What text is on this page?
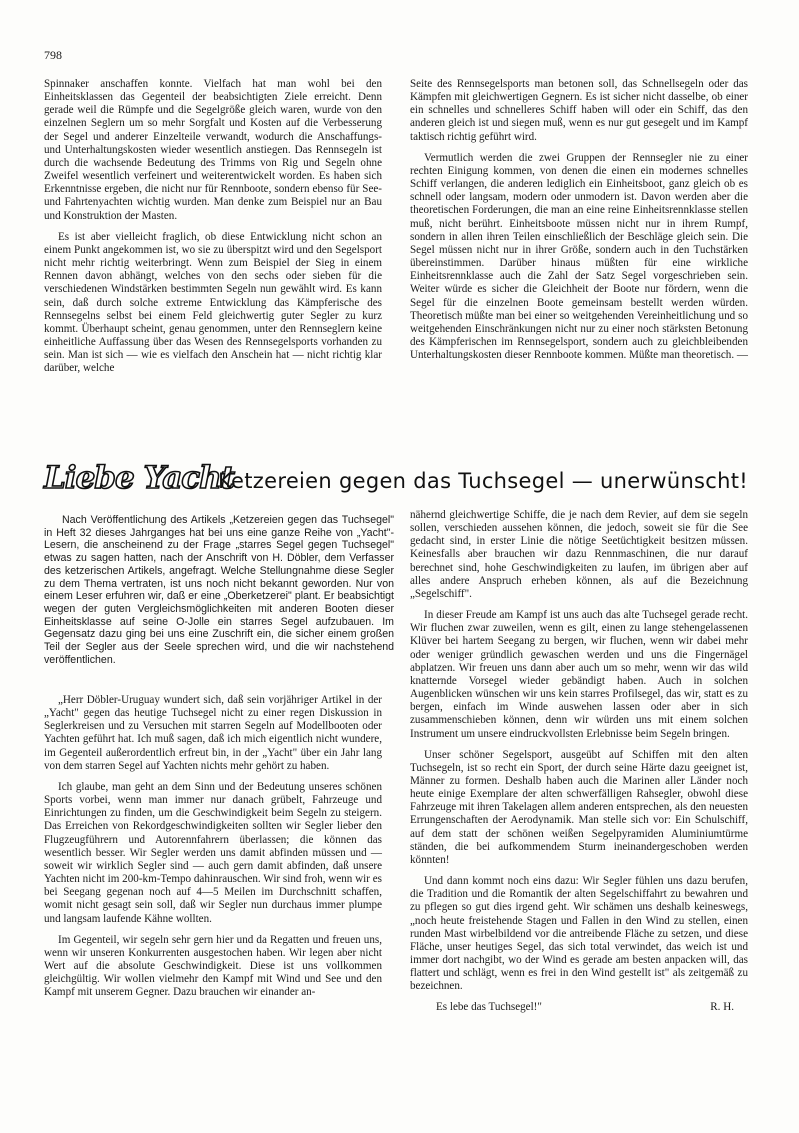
798

Spinnaker anschaffen konnte. Vielfach hat man wohl bei den Einheitsklassen das Gegenteil der beabsichtigten Ziele erreicht. Denn gerade weil die Rümpfe und die Segelgröße gleich waren, wurde von den einzelnen Seglern um so mehr Sorgfalt und Kosten auf die Verbesserung der Segel und anderer Einzelteile verwandt, wodurch die Anschaffungs- und Unterhaltungskosten wieder wesentlich anstiegen. Das Rennsegeln ist durch die wachsende Bedeutung des Trimms von Rig und Segeln ohne Zweifel wesentlich verfeinert und weiterentwickelt worden. Es haben sich Erkenntnisse ergeben, die nicht nur für Rennboote, sondern ebenso für See- und Fahrtenyachten wichtig wurden. Man denke zum Beispiel nur an Bau und Konstruktion der Masten.

Es ist aber vielleicht fraglich, ob diese Entwicklung nicht schon an einem Punkt angekommen ist, wo sie zu überspitzt wird und den Segelsport nicht mehr richtig weiterbringt. Wenn zum Beispiel der Sieg in einem Rennen davon abhängt, welches von den sechs oder sieben für die verschiedenen Windstärken bestimmten Segeln nun gewählt wird. Es kann sein, daß durch solche extreme Entwicklung das Kämpferische des Rennsegelns selbst bei einem Feld gleichwertig guter Segler zu kurz kommt. Überhaupt scheint, genau genommen, unter den Rennseglern keine einheitliche Auffassung über das Wesen des Rennsegelsports vorhanden zu sein. Man ist sich — wie es vielfach den Anschein hat — nicht richtig klar darüber, welche

Seite des Rennsegelsports man betonen soll, das Schnellsegeln oder das Kämpfen mit gleichwertigen Gegnern. Es ist sicher nicht dasselbe, ob einer ein schnelles und schnelleres Schiff haben will oder ein Schiff, das den anderen gleich ist und siegen muß, wenn es nur gut gesegelt und im Kampf taktisch richtig geführt wird.

Vermutlich werden die zwei Gruppen der Rennsegler nie zu einer rechten Einigung kommen, von denen die einen ein modernes schnelles Schiff verlangen, die anderen lediglich ein Einheitsboot, ganz gleich ob es schnell oder langsam, modern oder unmodern ist. Davon werden aber die theoretischen Forderungen, die man an eine reine Einheitsrennklasse stellen muß, nicht berührt. Einheitsboote müssen nicht nur in ihrem Rumpf, sondern in allen ihren Teilen einschließlich der Beschläge gleich sein. Die Segel müssen nicht nur in ihrer Größe, sondern auch in den Tuchstärken übereinstimmen. Darüber hinaus müßten für eine wirkliche Einheitsrennklasse auch die Zahl der Satz Segel vorgeschrieben sein. Weiter würde es sicher die Gleichheit der Boote nur fördern, wenn die Segel für die einzelnen Boote gemeinsam bestellt werden würden. Theoretisch müßte man bei einer so weitgehenden Vereinheitlichung und so weitgehenden Einschränkungen nicht nur zu einer noch stärksten Betonung des Kämpferischen im Rennsegelsport, sondern auch zu gleichbleibenden Unterhaltungskosten dieser Rennboote kommen. Müßte man theoretisch. —

Liebe Yacht
Ketzereien gegen das Tuchsegel — unerwünscht!

Nach Veröffentlichung des Artikels „Ketzereien gegen das Tuchsegel" in Heft 32 dieses Jahrganges hat bei uns eine ganze Reihe von „Yacht"-Lesern, die anscheinend zu der Frage „starres Segel gegen Tuchsegel" etwas zu sagen hatten, nach der Anschrift von H. Döbler, dem Verfasser des ketzerischen Artikels, angefragt. Welche Stellungnahme diese Segler zu dem Thema vertraten, ist uns noch nicht bekannt geworden. Nur von einem Leser erfuhren wir, daß er eine „Oberketzerei" plant. Er beabsichtigt wegen der guten Vergleichsmöglichkeiten mit anderen Booten dieser Einheitsklasse auf seine O-Jolle ein starres Segel aufzubauen. Im Gegensatz dazu ging bei uns eine Zuschrift ein, die sicher einem großen Teil der Segler aus der Seele sprechen wird, und die wir nachstehend veröffentlichen.

„Herr Döbler-Uruguay wundert sich, daß sein vorjähriger Artikel in der „Yacht" gegen das heutige Tuchsegel nicht zu einer regen Diskussion in Seglerkreisen und zu Versuchen mit starren Segeln auf Modellbooten oder Yachten geführt hat. Ich muß sagen, daß ich mich eigentlich nicht wundere, im Gegenteil außerordentlich erfreut bin, in der „Yacht" über ein Jahr lang von dem starren Segel auf Yachten nichts mehr gehört zu haben.

Ich glaube, man geht an dem Sinn und der Bedeutung unseres schönen Sports vorbei, wenn man immer nur danach grübelt, Fahrzeuge und Einrichtungen zu finden, um die Geschwindigkeit beim Segeln zu steigern. Das Erreichen von Rekordgeschwindigkeiten sollten wir Segler lieber den Flugzeugführern und Autorennfahrern überlassen; die können das wesentlich besser. Wir Segler werden uns damit abfinden müssen und — soweit wir wirklich Segler sind — auch gern damit abfinden, daß unsere Yachten nicht im 200-km-Tempo dahinrauschen. Wir sind froh, wenn wir es bei Seegang gegenan noch auf 4—5 Meilen im Durchschnitt schaffen, womit nicht gesagt sein soll, daß wir Segler nun durchaus immer plumpe und langsam laufende Kähne wollten.

Im Gegenteil, wir segeln sehr gern hier und da Regatten und freuen uns, wenn wir unseren Konkurrenten ausgestochen haben. Wir legen aber nicht Wert auf die absolute Geschwindigkeit. Diese ist uns vollkommen gleichgültig. Wir wollen vielmehr den Kampf mit Wind und See und den Kampf mit unserem Gegner. Dazu brauchen wir einander an-

nähernd gleichwertige Schiffe, die je nach dem Revier, auf dem sie segeln sollen, verschieden aussehen können, die jedoch, soweit sie für die See gedacht sind, in erster Linie die nötige Seetüchtigkeit besitzen müssen. Keinesfalls aber brauchen wir dazu Rennmaschinen, die nur darauf berechnet sind, hohe Geschwindigkeiten zu laufen, im übrigen aber auf alles andere Anspruch erheben können, als auf die Bezeichnung „Segelschiff".

In dieser Freude am Kampf ist uns auch das alte Tuchsegel gerade recht. Wir fluchen zwar zuweilen, wenn es gilt, einen zu lange stehengelassenen Klüver bei hartem Seegang zu bergen, wir fluchen, wenn wir dabei mehr oder weniger gründlich gewaschen werden und uns die Fingernägel abplatzen. Wir freuen uns dann aber auch um so mehr, wenn wir das wild knatternde Vorsegel wieder gebändigt haben. Auch in solchen Augenblicken wünschen wir uns kein starres Profilsegel, das wir, statt es zu bergen, einfach im Winde auswehen lassen oder aber in sich zusammenschieben können, denn wir würden uns mit einem solchen Instrument um unsere eindruckvollsten Erlebnisse beim Segeln bringen.

Unser schöner Segelsport, ausgeübt auf Schiffen mit den alten Tuchsegeln, ist so recht ein Sport, der durch seine Härte dazu geeignet ist, Männer zu formen. Deshalb haben auch die Marinen aller Länder noch heute einige Exemplare der alten schwerfälligen Rahsegler, obwohl diese Fahrzeuge mit ihren Takelagen allem anderen entsprechen, als den neuesten Errungenschaften der Aerodynamik. Man stelle sich vor: Ein Schulschiff, auf dem statt der schönen weißen Segelpyramiden Aluminiumtürme ständen, die bei aufkommendem Sturm ineinandergeschoben werden könnten!

Und dann kommt noch eins dazu: Wir Segler fühlen uns dazu berufen, die Tradition und die Romantik der alten Segelschiffahrt zu bewahren und zu pflegen so gut dies irgend geht. Wir schämen uns deshalb keineswegs, „noch heute freistehende Stagen und Fallen in den Wind zu stellen, einen runden Mast wirbelbildend vor die antreibende Fläche zu setzen, und diese Fläche, unser heutiges Segel, das sich total verwindet, das weich ist und immer dort nachgibt, wo der Wind es gerade am besten anpacken will, das flattert und schlägt, wenn es frei in den Wind gestellt ist" als zeitgemäß zu bezeichnen.

Es lebe das Tuchsegel!"	R. H.
